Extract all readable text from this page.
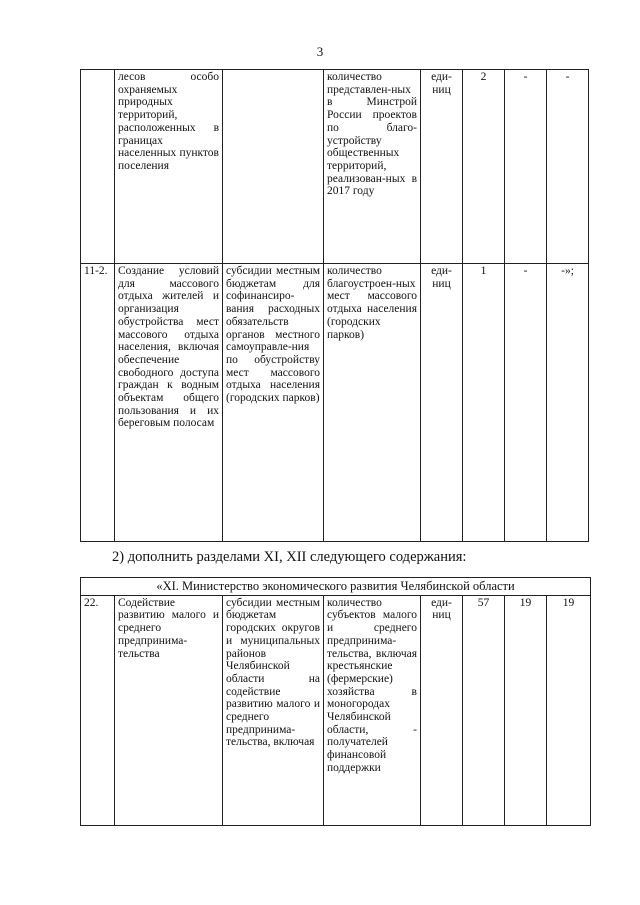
3
	лесов особо охраняемых природных территорий, расположенных в границах населенных пунктов поселения		количество представлен-ных в Минстрой России проектов по благо-устройству общественных территорий, реализован-ных в 2017 году	еди-ниц	2	-	-
11-2.	Создание условий для массового отдыха жителей и организация обустройства мест массового отдыха населения, включая обеспечение свободного доступа граждан к водным объектам общего пользования и их береговым полосам	субсидии местным бюджетам для софинансиро-вания расходных обязательств органов местного самоуправле-ния по обустройству мест массового отдыха населения (городских парков)	количество благоустроен-ных мест массового отдыха населения (городских парков)	еди-ниц	1	-	-»;
2) дополнить разделами XI, XII следующего содержания:
«XI. Министерство экономического развития Челябинской области
22.	Содействие развитию малого и среднего предпринима-тельства	субсидии местным бюджетам городских округов и муниципальных районов Челябинской области на содействие развитию малого и среднего предпринима-тельства, включая	количество субъектов малого и среднего предпринима-тельства, включая крестьянские (фермерские) хозяйства в моногородах Челябинской области, - получателей финансовой поддержки	еди-ниц	57	19	19
